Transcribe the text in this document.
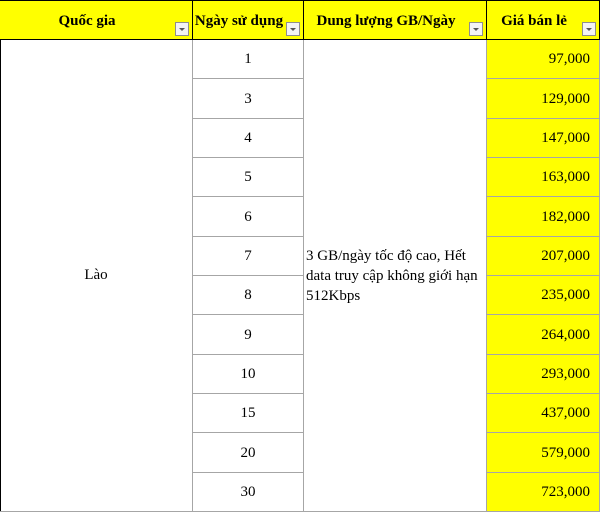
Quốc gia	Ngày sử dụng	Dung lượng GB/Ngày	Giá bán lẻ
Lào
3 GB/ngày tốc độ cao, Hết data truy cập không giới hạn 512Kbps
1	97,000
3	129,000
4	147,000
5	163,000
6	182,000
7	207,000
8	235,000
9	264,000
10	293,000
15	437,000
20	579,000
30	723,000
